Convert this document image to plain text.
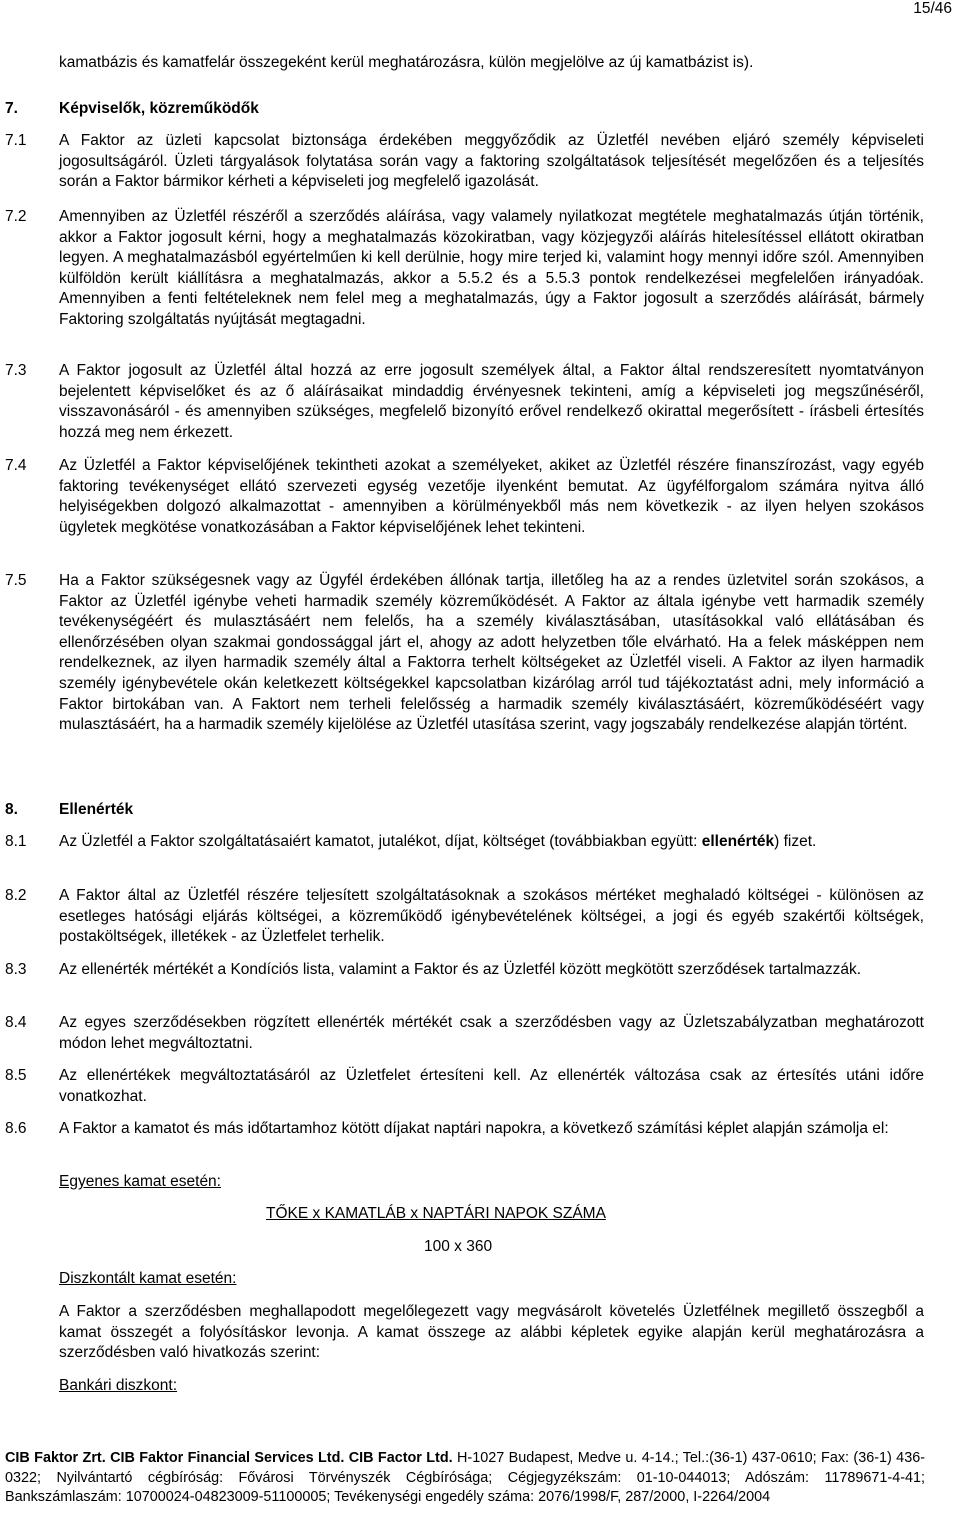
15/46

kamatbázis és kamatfelár összegeként kerül meghatározásra, külön megjelölve az új kamatbázist is).

7.	Képviselők, közreműködők
7.1 A Faktor az üzleti kapcsolat biztonsága érdekében meggyőződik az Üzletfél nevében eljáró személy képviseleti jogosultságáról. Üzleti tárgyalások folytatása során vagy a faktoring szolgáltatások teljesítését megelőzően és a teljesítés során a Faktor bármikor kérheti a képviseleti jog megfelelő igazolását.

7.2 Amennyiben az Üzletfél részéről a szerződés aláírása, vagy valamely nyilatkozat megtétele meghatalmazás útján történik, akkor a Faktor jogosult kérni, hogy a meghatalmazás közokiratban, vagy közjegyzői aláírás hitelesítéssel ellátott okiratban legyen. A meghatalmazásból egyértelműen ki kell derülnie, hogy mire terjed ki, valamint hogy mennyi időre szól. Amennyiben külföldön került kiállításra a meghatalmazás, akkor a 5.5.2 és a 5.5.3 pontok rendelkezései megfelelően irányadóak. Amennyiben a fenti feltételeknek nem felel meg a meghatalmazás, úgy a Faktor jogosult a szerződés aláírását, bármely Faktoring szolgáltatás nyújtását megtagadni.

7.3 A Faktor jogosult az Üzletfél által hozzá az erre jogosult személyek által, a Faktor által rendszeresített nyomtatványon bejelentett képviselőket és az ő aláírásaikat mindaddig érvényesnek tekinteni, amíg a képviseleti jog megszűnéséről, visszavonásáról - és amennyiben szükséges, megfelelő bizonyító erővel rendelkező okirattal megerősített - írásbeli értesítés hozzá meg nem érkezett.

7.4 Az Üzletfél a Faktor képviselőjének tekintheti azokat a személyeket, akiket az Üzletfél részére finanszírozást, vagy egyéb faktoring tevékenységet ellátó szervezeti egység vezetője ilyenként bemutat. Az ügyfélforgalom számára nyitva álló helyiségekben dolgozó alkalmazottat - amennyiben a körülményekből más nem következik - az ilyen helyen szokásos ügyletek megkötése vonatkozásában a Faktor képviselőjének lehet tekinteni.

7.5 Ha a Faktor szükségesnek vagy az Ügyfél érdekében állónak tartja, illetőleg ha az a rendes üzletvitel során szokásos, a Faktor az Üzletfél igénybe veheti harmadik személy közreműködését. A Faktor az általa igénybe vett harmadik személy tevékenységéért és mulasztásáért nem felelős, ha a személy kiválasztásában, utasításokkal való ellátásában és ellenőrzésében olyan szakmai gondossággal járt el, ahogy az adott helyzetben tőle elvárható. Ha a felek másképpen nem rendelkeznek, az ilyen harmadik személy által a Faktorra terhelt költségeket az Üzletfél viseli. A Faktor az ilyen harmadik személy igénybevétele okán keletkezett költségekkel kapcsolatban kizárólag arról tud tájékoztatást adni, mely információ a Faktor birtokában van. A Faktort nem terheli felelősség a harmadik személy kiválasztásáért, közreműködéséért vagy mulasztásáért, ha a harmadik személy kijelölése az Üzletfél utasítása szerint, vagy jogszabály rendelkezése alapján történt.

8.	Ellenérték
8.1 Az Üzletfél a Faktor szolgáltatásaiért kamatot, jutalékot, díjat, költséget (továbbiakban együtt: ellenérték) fizet.

8.2 A Faktor által az Üzletfél részére teljesített szolgáltatásoknak a szokásos mértéket meghaladó költségei - különösen az esetleges hatósági eljárás költségei, a közreműködő igénybevételének költségei, a jogi és egyéb szakértői költségek, postaköltségek, illetékek - az Üzletfelet terhelik.

8.3 Az ellenérték mértékét a Kondíciós lista, valamint a Faktor és az Üzletfél között megkötött szerződések tartalmazzák.

8.4 Az egyes szerződésekben rögzített ellenérték mértékét csak a szerződésben vagy az Üzletszabályzatban meghatározott módon lehet megváltoztatni.

8.5 Az ellenértékek megváltoztatásáról az Üzletfelet értesíteni kell. Az ellenérték változása csak az értesítés utáni időre vonatkozhat.

8.6 A Faktor a kamatot és más időtartamhoz kötött díjakat naptári napokra, a következő számítási képlet alapján számolja el:

Egyenes kamat esetén:
TŐKE x KAMATLÁB x NAPTÁRI NAPOK SZÁMA
100 x 360
Diszkontált kamat esetén:

A Faktor a szerződésben meghallapodott megelőlegezett vagy megvásárolt követelés Üzletfélnek megillető összegből a kamat összegét a folyósításkor levonja. A kamat összege az alábbi képletek egyike alapján kerül meghatározásra a szerződésben való hivatkozás szerint:

Bankári diszkont:
CIB Faktor Zrt. CIB Faktor Financial Services Ltd. CIB Factor Ltd. H-1027 Budapest, Medve u. 4-14.; Tel.:(36-1) 437-0610; Fax: (36-1) 436-0322; Nyilvántartó cégbíróság: Fővárosi Törvényszék Cégbírósága; Cégjegyzékszám: 01-10-044013; Adószám: 11789671-4-41; Bankszámlaszám: 10700024-04823009-51100005; Tevékenységi engedély száma: 2076/1998/F, 287/2000, I-2264/2004
